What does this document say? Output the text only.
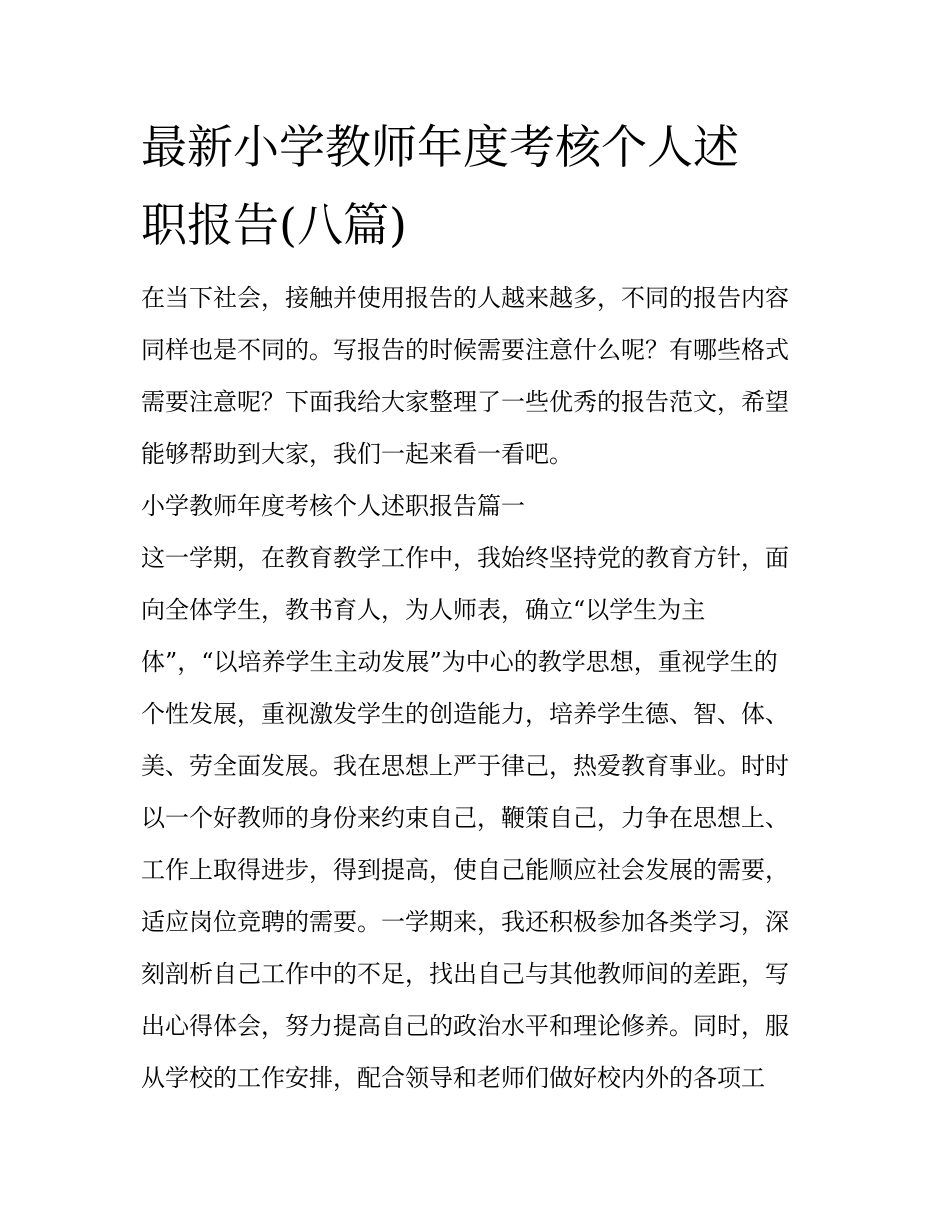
最新小学教师年度考核个人述
职报告(八篇)

在当下社会，接触并使用报告的人越来越多，不同的报告内容
同样也是不同的。写报告的时候需要注意什么呢？有哪些格式
需要注意呢？下面我给大家整理了一些优秀的报告范文，希望
能够帮助到大家，我们一起来看一看吧。

小学教师年度考核个人述职报告篇一

这一学期，在教育教学工作中，我始终坚持党的教育方针，面
向全体学生，教书育人，为人师表，确立“以学生为主
体”，“以培养学生主动发展”为中心的教学思想，重视学生的
个性发展，重视激发学生的创造能力，培养学生德、智、体、
美、劳全面发展。我在思想上严于律己，热爱教育事业。时时
以一个好教师的身份来约束自己，鞭策自己，力争在思想上、
工作上取得进步，得到提高，使自己能顺应社会发展的需要，
适应岗位竞聘的需要。一学期来，我还积极参加各类学习，深
刻剖析自己工作中的不足，找出自己与其他教师间的差距，写
出心得体会，努力提高自己的政治水平和理论修养。同时，服
从学校的工作安排，配合领导和老师们做好校内外的各项工
